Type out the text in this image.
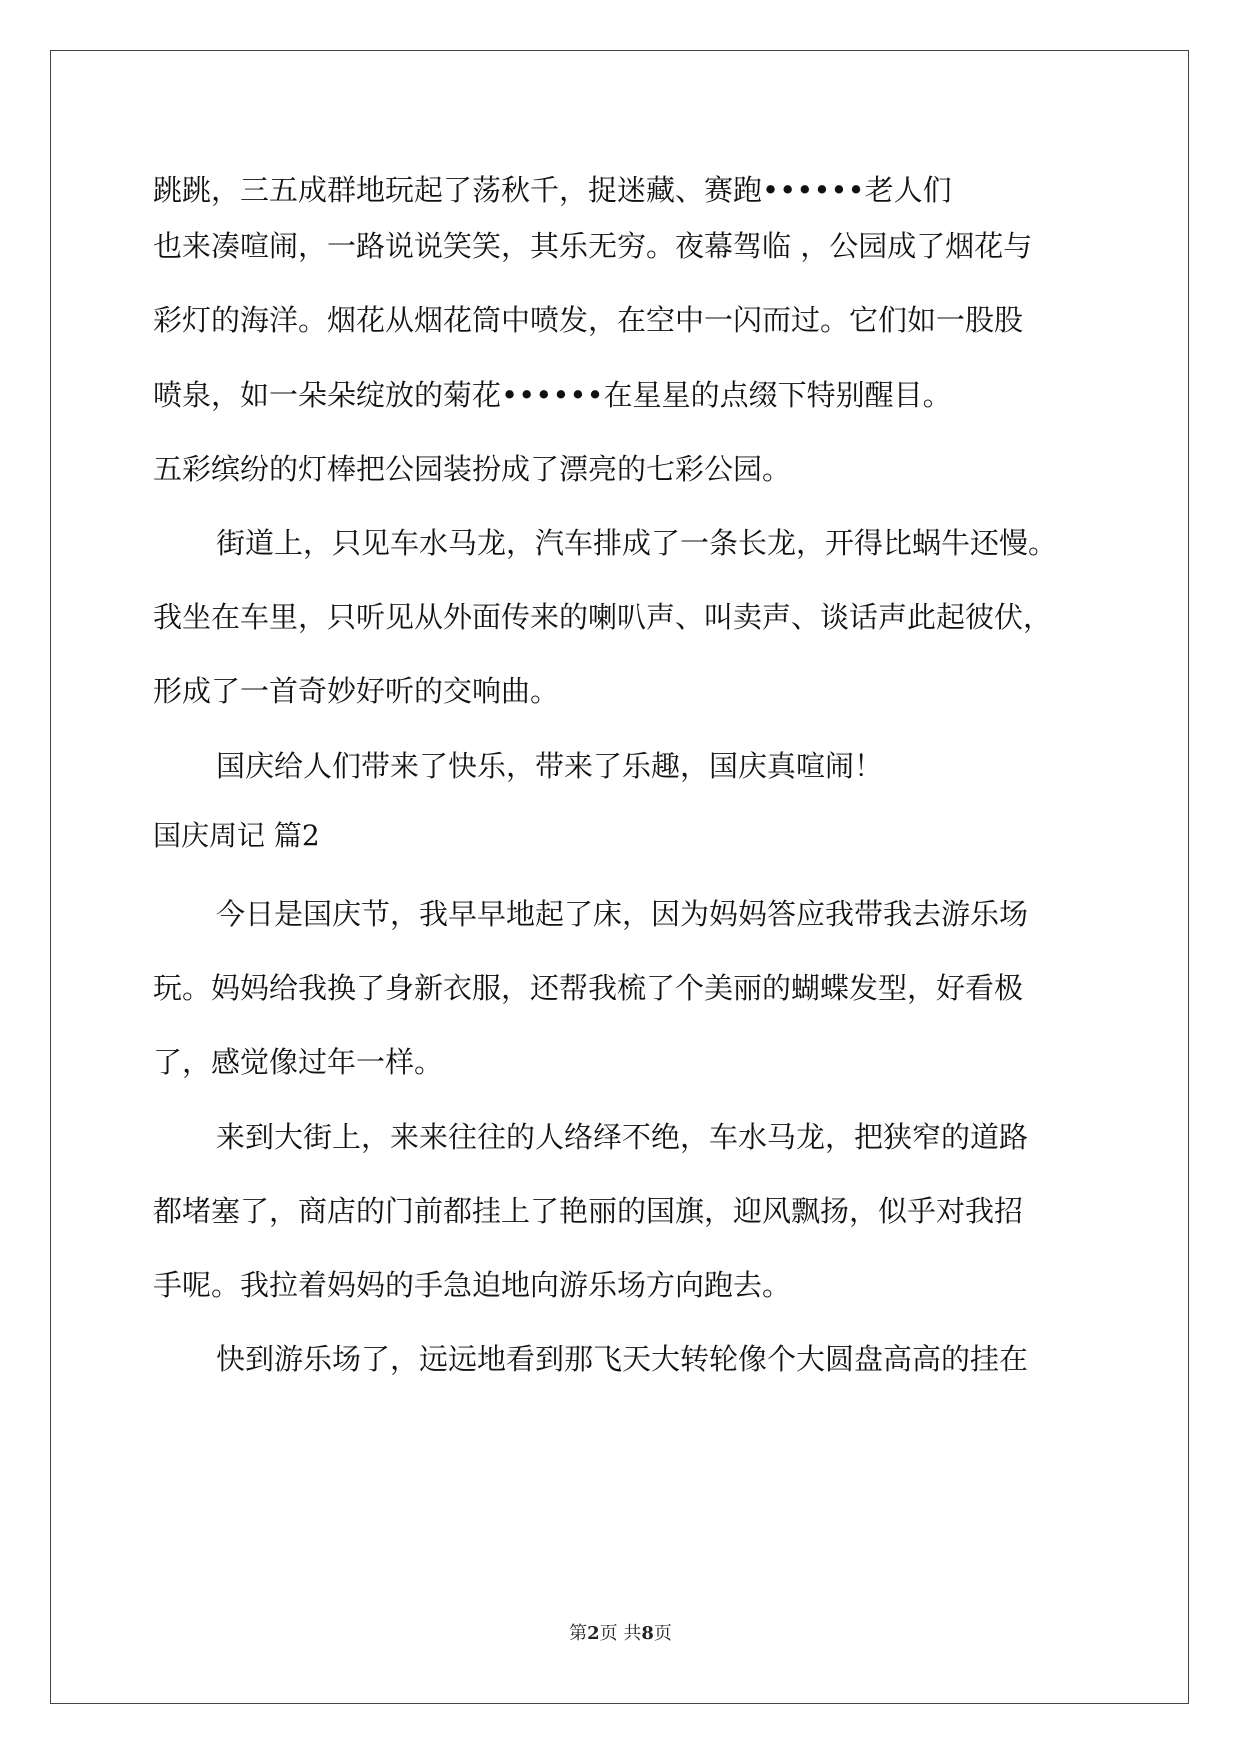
跳跳，三五成群地玩起了荡秋千，捉迷藏、赛跑••••••老人们
也来凑喧闹，一路说说笑笑，其乐无穷。夜幕驾临 ，公园成了烟花与
彩灯的海洋。烟花从烟花筒中喷发，在空中一闪而过。它们如一股股
喷泉，如一朵朵绽放的菊花••••••在星星的点缀下特别醒目。
五彩缤纷的灯棒把公园装扮成了漂亮的七彩公园。
街道上，只见车水马龙，汽车排成了一条长龙，开得比蜗牛还慢。
我坐在车里，只听见从外面传来的喇叭声、叫卖声、谈话声此起彼伏，
形成了一首奇妙好听的交响曲。
国庆给人们带来了快乐，带来了乐趣，国庆真喧闹！
国庆周记 篇2
今日是国庆节，我早早地起了床，因为妈妈答应我带我去游乐场
玩。妈妈给我换了身新衣服，还帮我梳了个美丽的蝴蝶发型，好看极
了，感觉像过年一样。
来到大街上，来来往往的人络绎不绝，车水马龙，把狭窄的道路
都堵塞了，商店的门前都挂上了艳丽的国旗，迎风飘扬，似乎对我招
手呢。我拉着妈妈的手急迫地向游乐场方向跑去。
快到游乐场了，远远地看到那飞天大转轮像个大圆盘高高的挂在
第2页 共8页
